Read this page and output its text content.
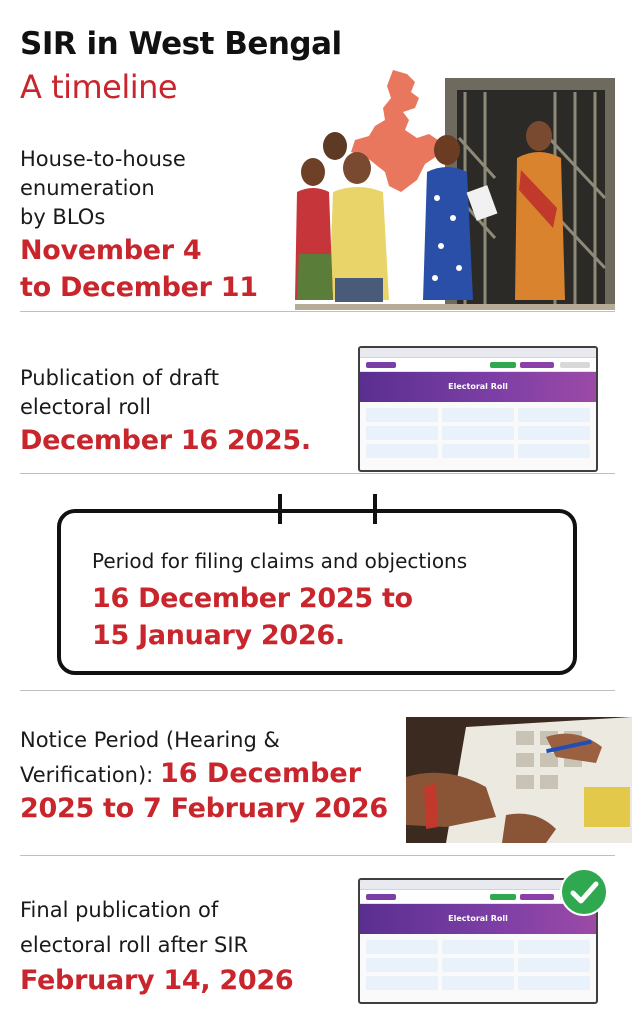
SIR in West Bengal
A timeline
House-to-house
enumeration
by BLOs
November 4
to December 11
Publication of draft
electoral roll
December 16 2025.
Electoral Roll
Period for filing claims and objections
16 December 2025 to
15 January 2026.
Notice Period (Hearing &
Verification): 16 December
2025 to 7 February 2026
Final publication of
electoral roll after SIR
February 14, 2026
Electoral Roll
